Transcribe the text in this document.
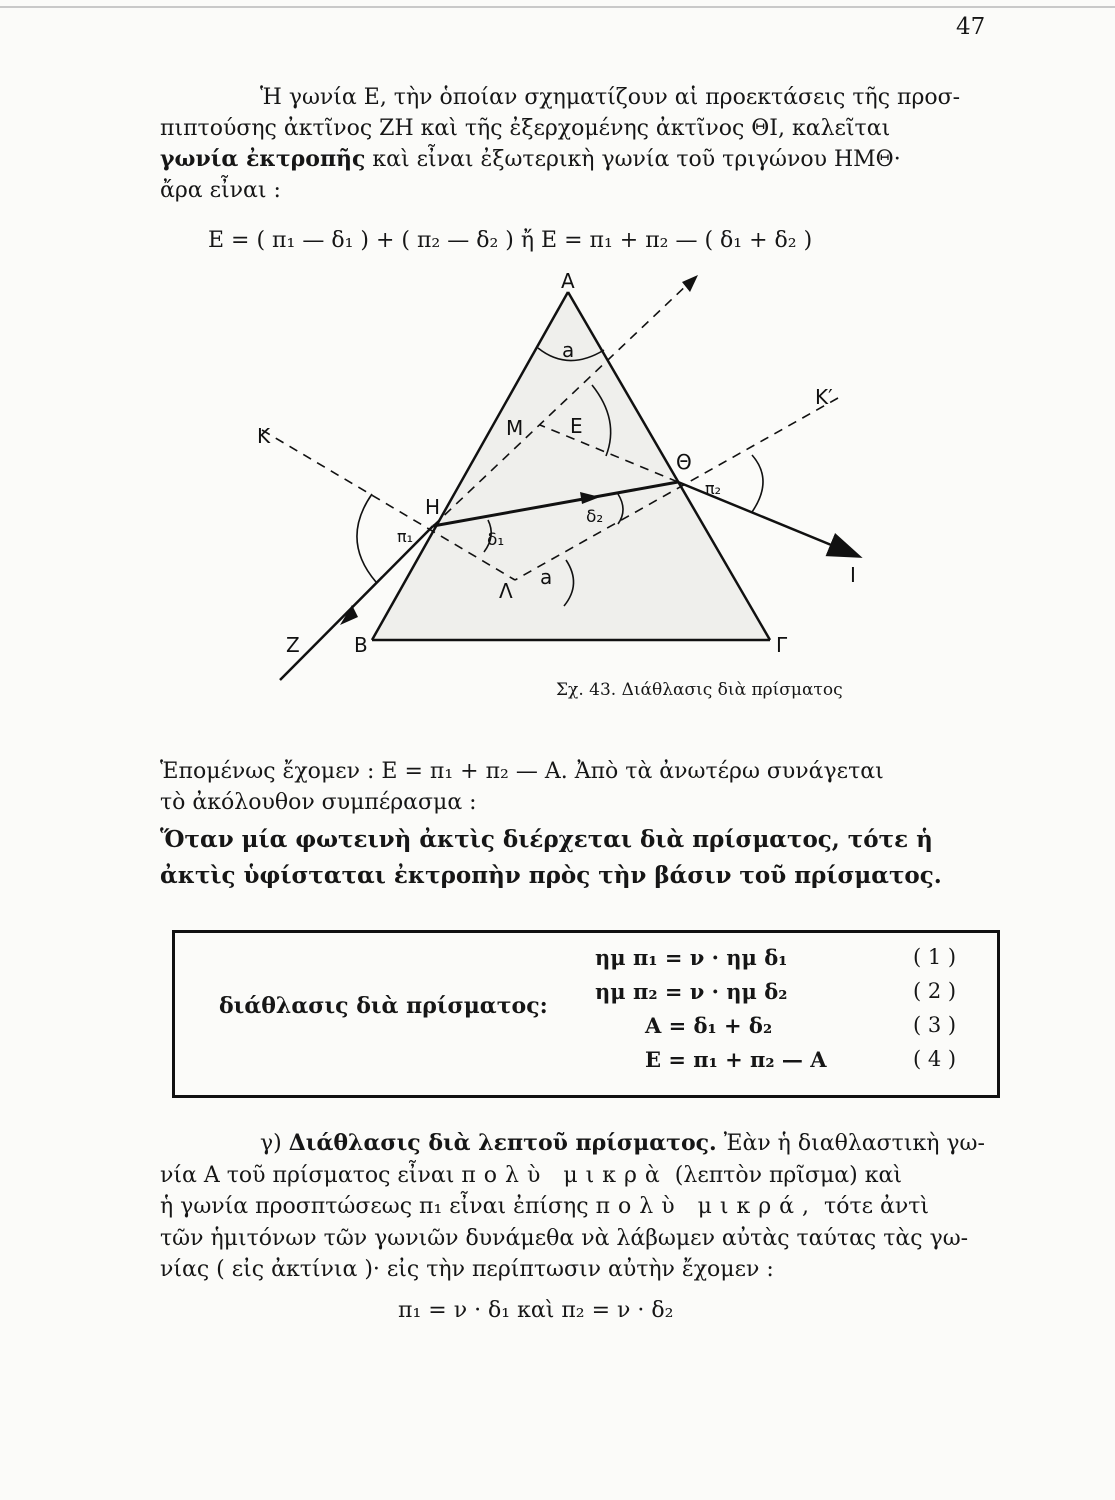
47

Ἡ γωνία Ε, τὴν ὁποίαν σχηματίζουν αἱ προεκτάσεις τῆς προσ-

πιπτούσης ἀκτῖνος ΖΗ καὶ τῆς ἐξερχομένης ἀκτῖνος ΘΙ, καλεῖται

γωνία ἐκτροπῆς καὶ εἶναι ἐξωτερικὴ γωνία τοῦ τριγώνου ΗΜΘ·

ἄρα εἶναι :

Ε = ( π₁ — δ₁ ) + ( π₂ — δ₂ ) ἤ Ε = π₁ + π₂ — ( δ₁ + δ₂ )
A
a
M E
K
K′
Θ
π₂
H
π₁	δ₁
δ₂
Λ
a	I
Z	B	Γ
Σχ. 43. Διάθλασις διὰ πρίσματος

Ἑπομένως ἔχομεν : Ε = π₁ + π₂ — Α. Ἀπὸ τὰ ἀνωτέρω συνάγεται

τὸ ἀκόλουθον συμπέρασμα :

Ὅταν μία φωτεινὴ ἀκτὶς διέρχεται διὰ πρίσματος, τότε ἡ ἀκτὶς ὑφίσταται ἐκτροπὴν πρὸς τὴν βάσιν τοῦ πρίσματος.
διάθλασις διὰ πρίσματος:
ημ π₁ = ν · ημ δ₁	( 1 )
ημ π₂ = ν · ημ δ₂	( 2 )
Α = δ₁ + δ₂	( 3 )
Ε = π₁ + π₂ — Α	( 4 )

γ) Διάθλασις διὰ λεπτοῦ πρίσματος. Ἐὰν ἡ διαθλαστικὴ γω-

νία Α τοῦ πρίσματος εἶναι πολὺ μικρὰ (λεπτὸν πρῖσμα) καὶ

ἡ γωνία προσπτώσεως π₁ εἶναι ἐπίσης πολὺ μικρά, τότε ἀντὶ

τῶν ἡμιτόνων τῶν γωνιῶν δυνάμεθα νὰ λάβωμεν αὐτὰς ταύτας τὰς γω-

νίας ( εἰς ἀκτίνια )· εἰς τὴν περίπτωσιν αὐτὴν ἔχομεν :

π₁ = ν · δ₁ καὶ π₂ = ν · δ₂
